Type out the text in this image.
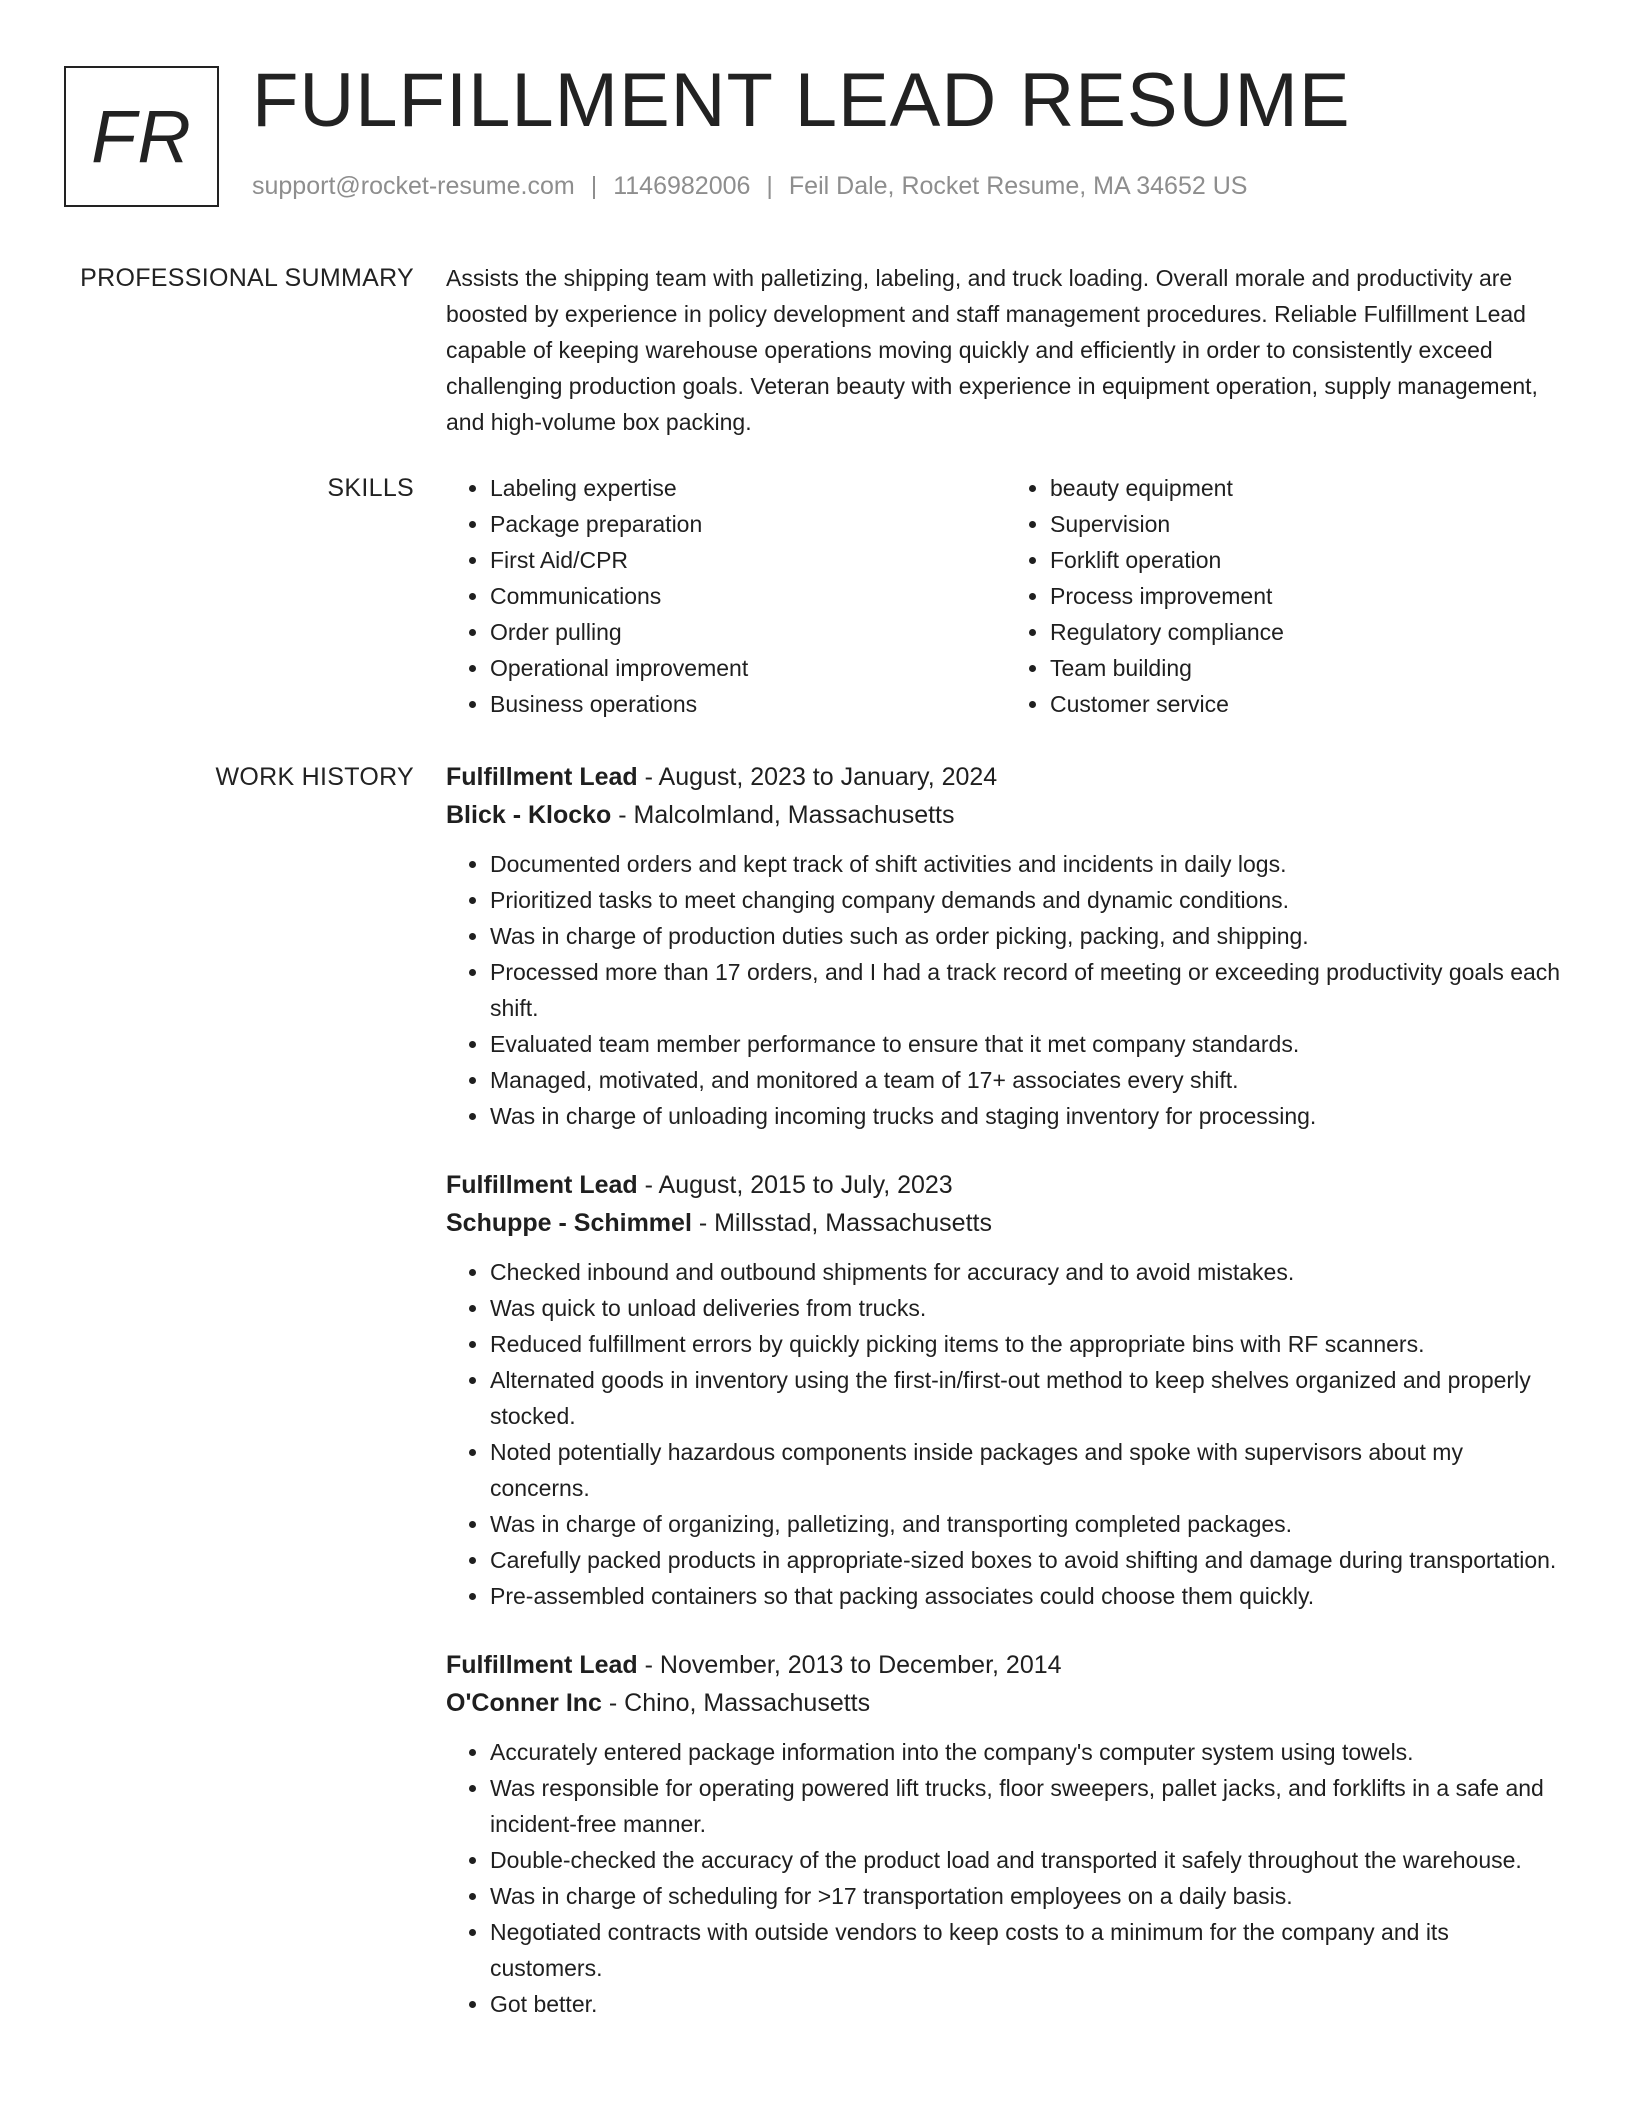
FR FULFILLMENT LEAD RESUME
support@rocket-resume.com | 1146982006 | Feil Dale, Rocket Resume, MA 34652 US
PROFESSIONAL SUMMARY Assists the shipping team with palletizing, labeling, and truck loading. Overall morale and productivity are boosted by experience in policy development and staff management procedures. Reliable Fulfillment Lead capable of keeping warehouse operations moving quickly and efficiently in order to consistently exceed challenging production goals. Veteran beauty with experience in equipment operation, supply management, and high-volume box packing.

SKILLS
•	Labeling expertise
• Package preparation
• First Aid/CPR
• Communications
• Order pulling
• Operational improvement
• Business operations
• beauty equipment
• Supervision
• Forklift operation
• Process improvement
• Regulatory compliance
• Team building
• Customer service
WORK HISTORY Fulfillment Lead - August, 2023 to January, 2024
Blick - Klocko - Malcolmland, Massachusetts
• Documented orders and kept track of shift activities and incidents in daily logs.
• Prioritized tasks to meet changing company demands and dynamic conditions.
• Was in charge of production duties such as order picking, packing, and shipping.
• Processed more than 17 orders, and I had a track record of meeting or exceeding productivity goals each shift.
• Evaluated team member performance to ensure that it met company standards.
• Managed, motivated, and monitored a team of 17+ associates every shift.
• Was in charge of unloading incoming trucks and staging inventory for processing.
Fulfillment Lead - August, 2015 to July, 2023
Schuppe - Schimmel - Millsstad, Massachusetts
• Checked inbound and outbound shipments for accuracy and to avoid mistakes.
• Was quick to unload deliveries from trucks.
• Reduced fulfillment errors by quickly picking items to the appropriate bins with RF scanners.
• Alternated goods in inventory using the first-in/first-out method to keep shelves organized and properly stocked.
• Noted potentially hazardous components inside packages and spoke with supervisors about my concerns.
• Was in charge of organizing, palletizing, and transporting completed packages.
• Carefully packed products in appropriate-sized boxes to avoid shifting and damage during transportation.
• Pre-assembled containers so that packing associates could choose them quickly.
Fulfillment Lead - November, 2013 to December, 2014
O'Conner Inc - Chino, Massachusetts
• Accurately entered package information into the company's computer system using towels.
• Was responsible for operating powered lift trucks, floor sweepers, pallet jacks, and forklifts in a safe and incident-free manner.
• Double-checked the accuracy of the product load and transported it safely throughout the warehouse.
• Was in charge of scheduling for >17 transportation employees on a daily basis.
• Negotiated contracts with outside vendors to keep costs to a minimum for the company and its customers.
• Got better.
